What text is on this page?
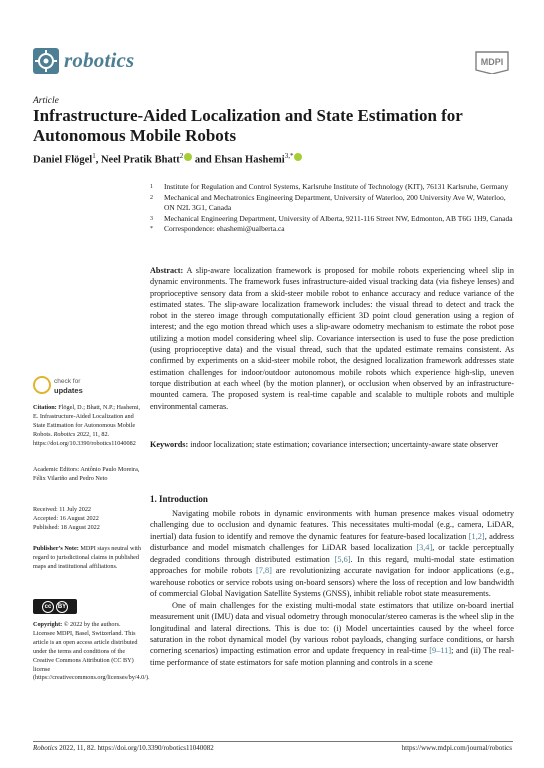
robotics	MDPI
Article
Infrastructure-Aided Localization and State Estimation for Autonomous Mobile Robots
Daniel Flögel$^1$, Neel Pratik Bhatt$^2$ and Ehsan Hashemi$^{3,*}$
1	Institute for Regulation and Control Systems, Karlsruhe Institute of Technology (KIT), 76131 Karlsruhe, Germany
2	Mechanical and Mechatronics Engineering Department, University of Waterloo, 200 University Ave W, Waterloo, ON N2L 3G1, Canada
3	Mechanical Engineering Department, University of Alberta, 9211-116 Street NW, Edmonton, AB T6G 1H9, Canada
*	Correspondence: ehashemi@ualberta.ca
Abstract: A slip-aware localization framework is proposed for mobile robots experiencing wheel slip in dynamic environments. The framework fuses infrastructure-aided visual tracking data (via fisheye lenses) and proprioceptive sensory data from a skid-steer mobile robot to enhance accuracy and reduce variance of the estimated states. The slip-aware localization framework includes: the visual thread to detect and track the robot in the stereo image through computationally efficient 3D point cloud generation using a region of interest; and the ego motion thread which uses a slip-aware odometry mechanism to estimate the robot pose utilizing a motion model considering wheel slip. Covariance intersection is used to fuse the pose prediction (using proprioceptive data) and the visual thread, such that the updated estimate remains consistent. As confirmed by experiments on a skid-steer mobile robot, the designed localization framework addresses state estimation challenges for indoor/outdoor autonomous mobile robots which experience high-slip, uneven torque distribution at each wheel (by the motion planner), or occlusion when observed by an infrastructure-mounted camera. The proposed system is real-time capable and scalable to multiple robots and multiple environmental cameras.
Keywords: indoor localization; state estimation; covariance intersection; uncertainty-aware state observer
1. Introduction

Navigating mobile robots in dynamic environments with human presence makes visual odometry challenging due to occlusion and dynamic features. This necessitates multi-modal (e.g., camera, LiDAR, inertial) data fusion to identify and remove the dynamic features for feature-based localization [1,2], address disturbance and model mismatch challenges for LiDAR based localization [3,4], or tackle perceptually degraded conditions through distributed estimation [5,6]. In this regard, multi-modal state estimation approaches for mobile robots [7,8] are revolutionizing accurate navigation for indoor applications (e.g., warehouse robotics or service robots using on-board sensors) where the loss of reception and low bandwidth of commercial Global Navigation Satellite Systems (GNSS), inhibit reliable robot state measurements.

One of main challenges for the existing multi-modal state estimators that utilize on-board inertial measurement unit (IMU) data and visual odometry through monocular/stereo cameras is the wheel slip in the longitudinal and lateral directions. This is due to: (i) Model uncertainties caused by the wheel force saturation in the robot dynamical model (by various robot payloads, changing surface conditions, or harsh cornering scenarios) impacting estimation error and update frequency in real-time [9–11]; and (ii) The real-time performance of state estimators for safe motion planning and controls in a scene

check for
updates
Citation: Flögel, D.; Bhatt, N.P.; Hashemi, E. Infrastructure-Aided Localization and State Estimation for Autonomous Mobile Robots. Robotics 2022, 11, 82. https://doi.org/10.3390/robotics11040082
Academic Editors: Antônio Paulo Moreira, Félix Vilariño and Pedro Neto
Received: 11 July 2022
Accepted: 16 August 2022
Published: 18 August 2022
Publisher’s Note: MDPI stays neutral with regard to jurisdictional claims in published maps and institutional affiliations.
cc	BY
Copyright: © 2022 by the authors. Licensee MDPI, Basel, Switzerland. This article is an open access article distributed under the terms and conditions of the Creative Commons Attribution (CC BY) license (https://creativecommons.org/licenses/by/4.0/).
Robotics 2022, 11, 82. https://doi.org/10.3390/robotics11040082	https://www.mdpi.com/journal/robotics
